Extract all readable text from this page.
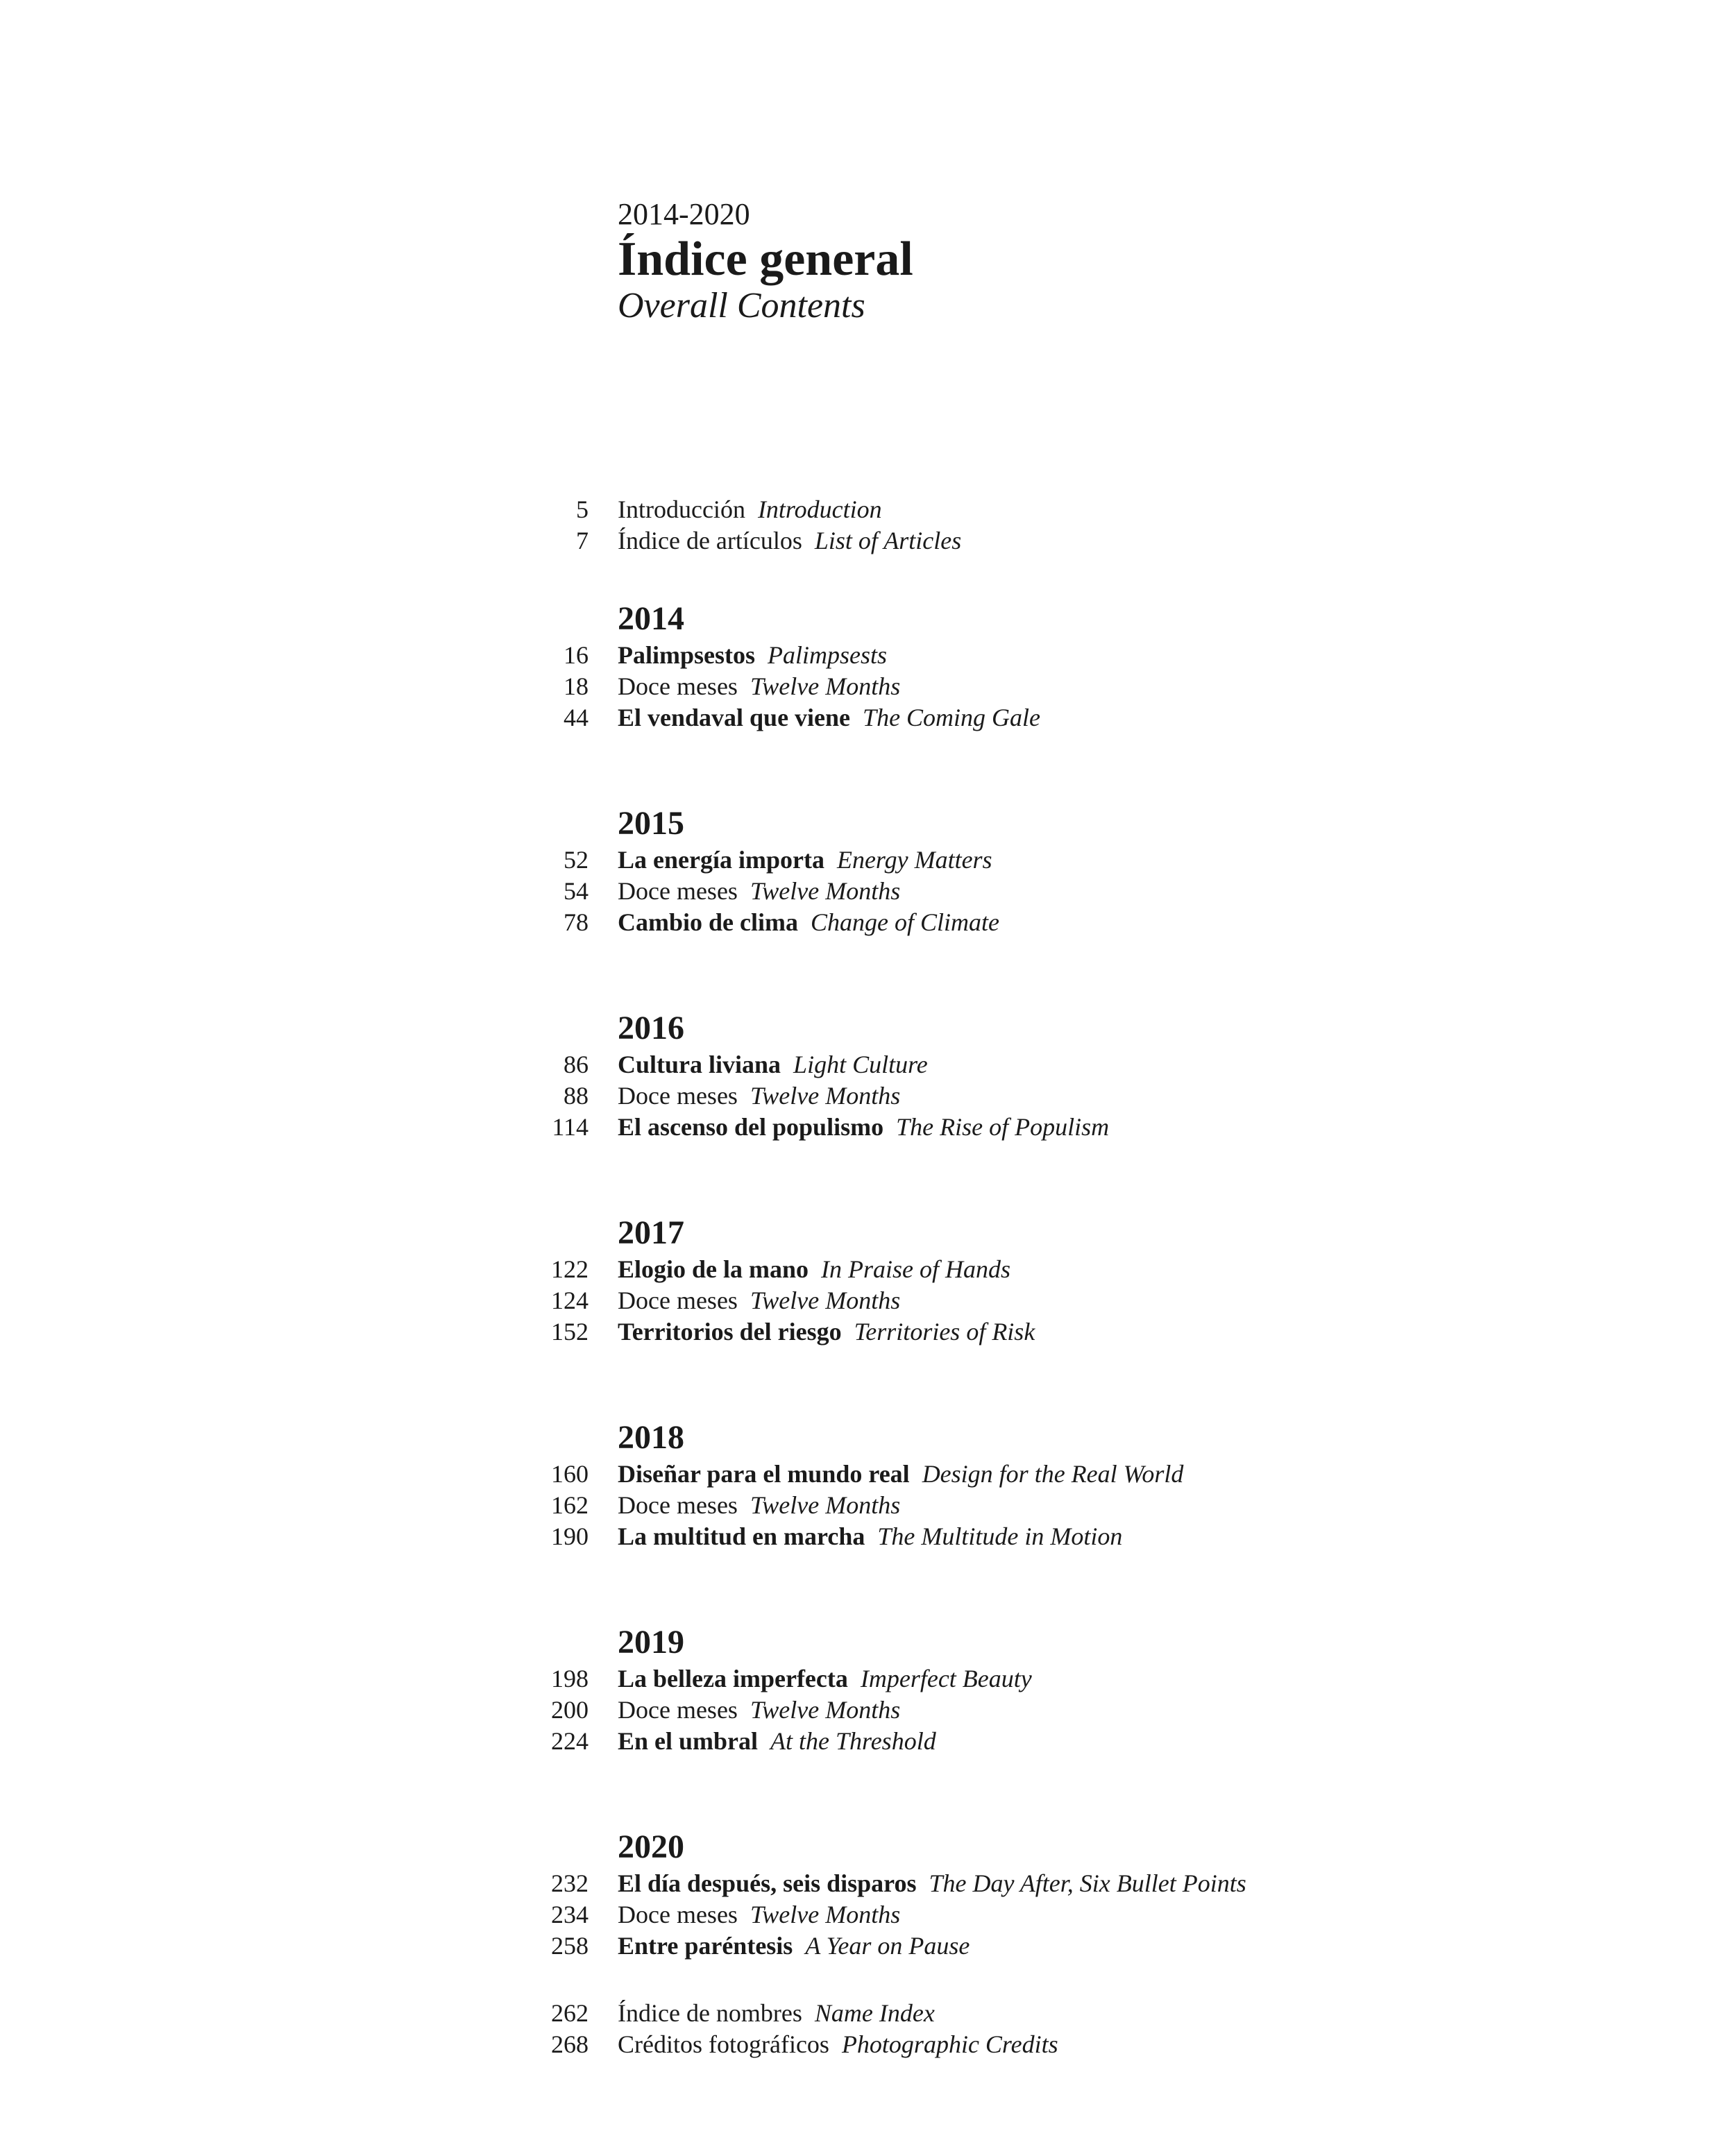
2014-2020
Índice general
Overall Contents
5 Introducción Introduction
7 Índice de artículos List of Articles
2014
16 Palimpsestos Palimpsests
18 Doce meses Twelve Months
44 El vendaval que viene The Coming Gale
2015
52 La energía importa Energy Matters
54 Doce meses Twelve Months
78 Cambio de clima Change of Climate
2016
86 Cultura liviana Light Culture
88 Doce meses Twelve Months
114 El ascenso del populismo The Rise of Populism
2017
122 Elogio de la mano In Praise of Hands
124 Doce meses Twelve Months
152 Territorios del riesgo Territories of Risk
2018
160 Diseñar para el mundo real Design for the Real World
162 Doce meses Twelve Months
190 La multitud en marcha The Multitude in Motion
2019
198 La belleza imperfecta Imperfect Beauty
200 Doce meses Twelve Months
224 En el umbral At the Threshold
2020
232 El día después, seis disparos The Day After, Six Bullet Points
234 Doce meses Twelve Months
258 Entre paréntesis A Year on Pause
262 Índice de nombres Name Index
268 Créditos fotográficos Photographic Credits
